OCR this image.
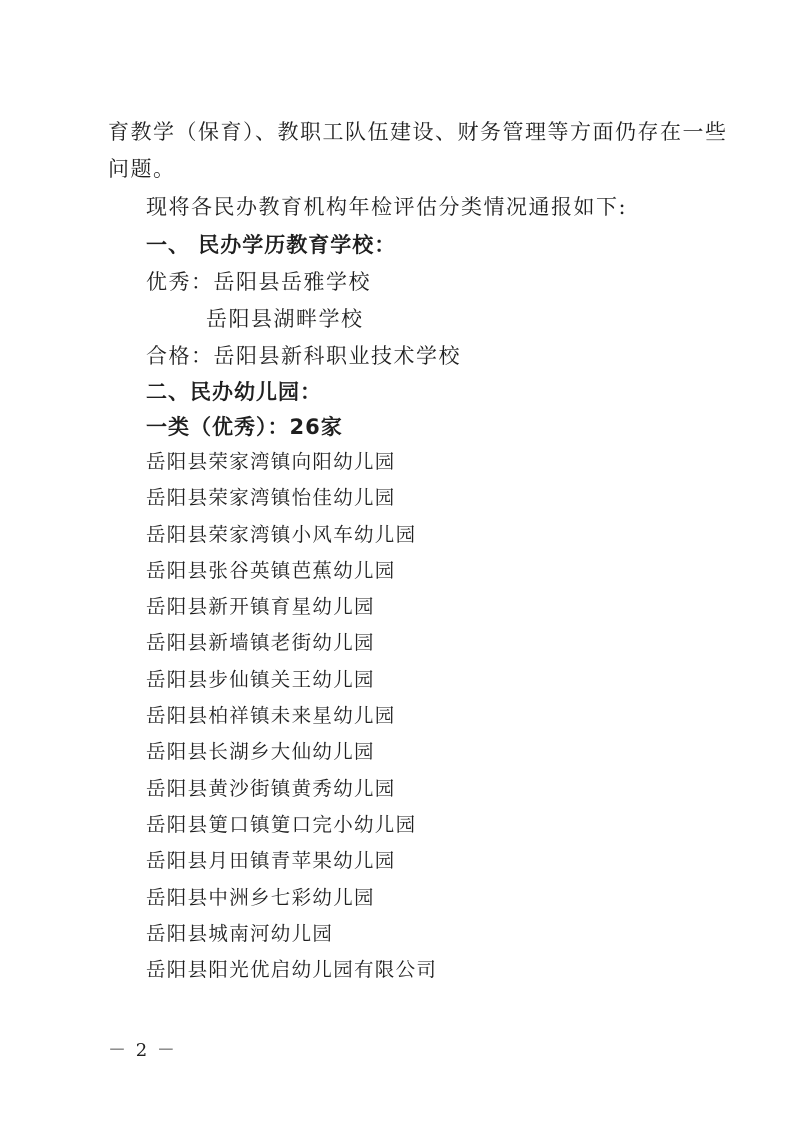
育教学（保育）、教职工队伍建设、财务管理等方面仍存在一些
问题。
现将各民办教育机构年检评估分类情况通报如下:
一、 民办学历教育学校：
优秀：岳阳县岳雅学校
岳阳县湖畔学校
合格：岳阳县新科职业技术学校
二、民办幼儿园：
一类（优秀）：26家
岳阳县荣家湾镇向阳幼儿园
岳阳县荣家湾镇怡佳幼儿园
岳阳县荣家湾镇小风车幼儿园
岳阳县张谷英镇芭蕉幼儿园
岳阳县新开镇育星幼儿园
岳阳县新墙镇老街幼儿园
岳阳县步仙镇关王幼儿园
岳阳县柏祥镇未来星幼儿园
岳阳县长湖乡大仙幼儿园
岳阳县黄沙街镇黄秀幼儿园
岳阳县筻口镇筻口完小幼儿园
岳阳县月田镇青苹果幼儿园
岳阳县中洲乡七彩幼儿园
岳阳县城南河幼儿园
岳阳县阳光优启幼儿园有限公司
－ 2 －
